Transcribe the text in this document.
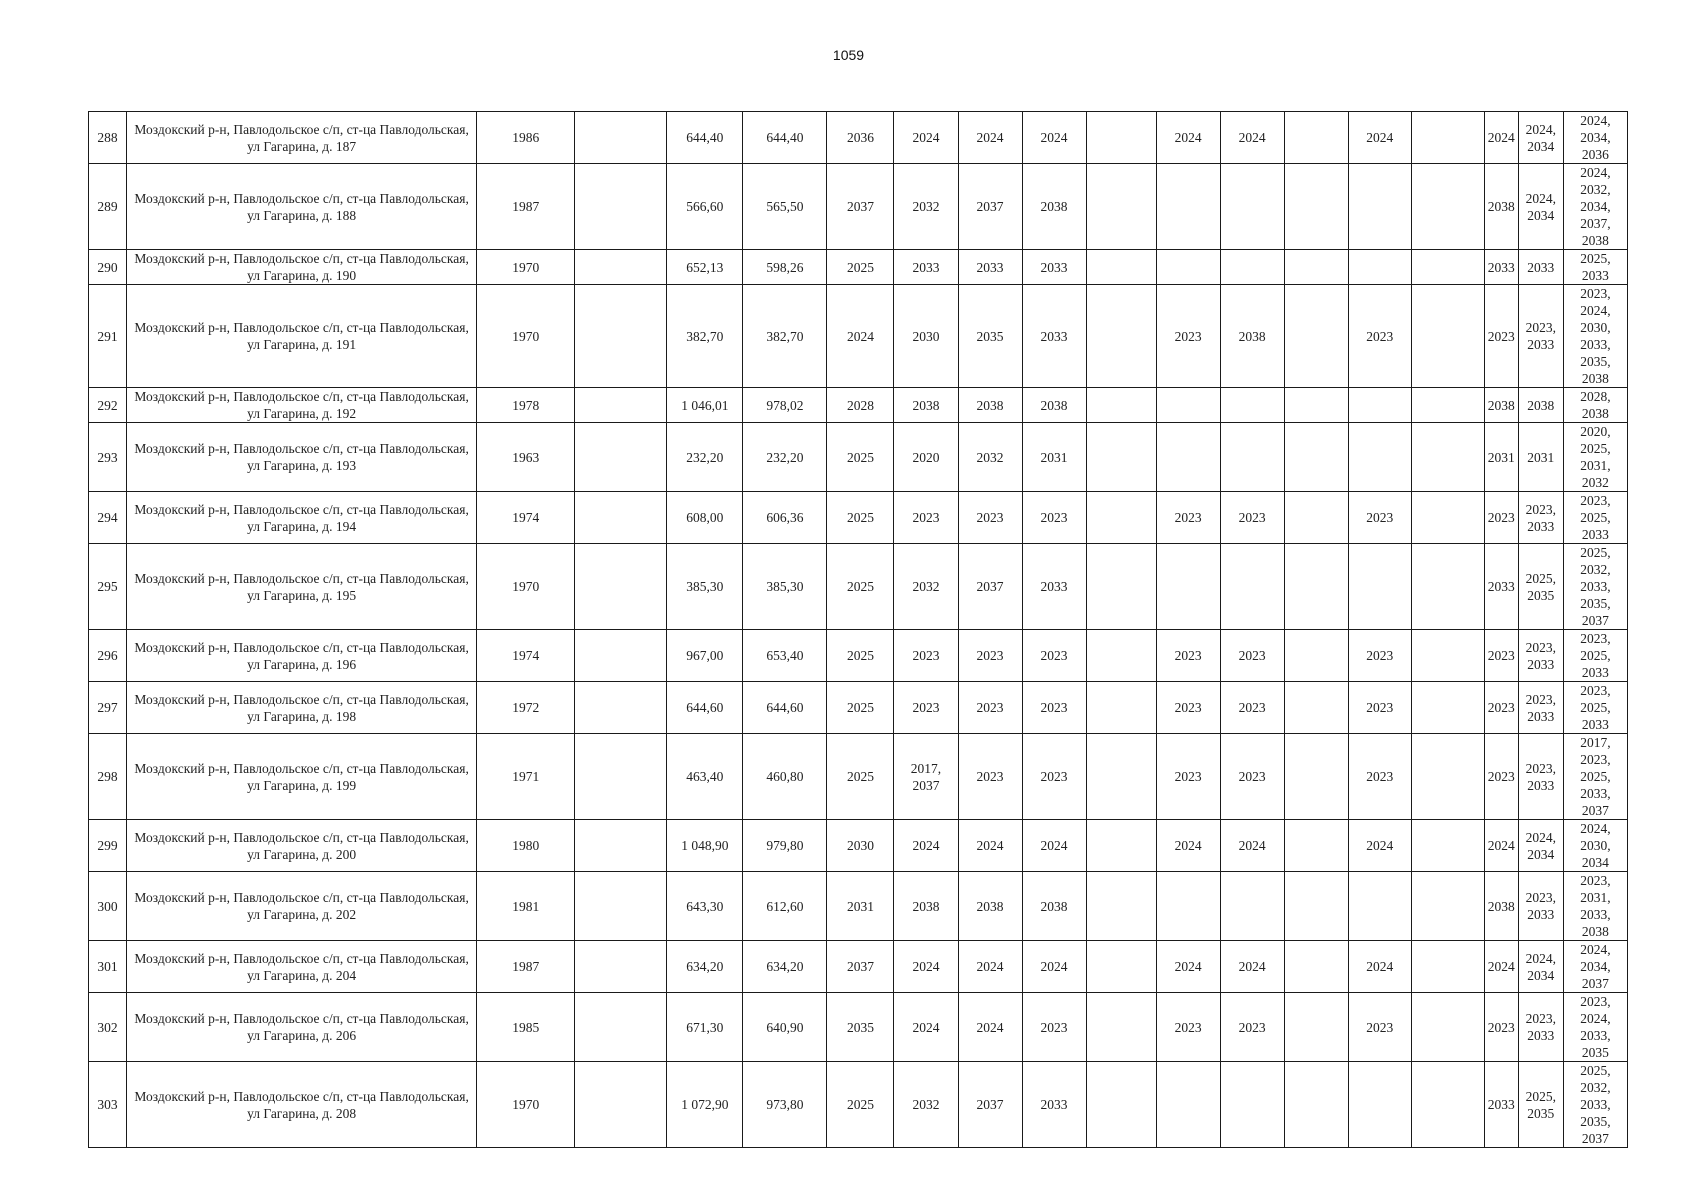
1059
288	Моздокский р-н, Павлодольское с/п, ст-ца Павлодольская, ул Гагарина, д. 187	1986		644,40	644,40	2036	2024	2024	2024		2024	2024		2024		2024	2024, 2034	2024, 2034, 2036
289	Моздокский р-н, Павлодольское с/п, ст-ца Павлодольская, ул Гагарина, д. 188	1987		566,60	565,50	2037	2032	2037	2038							2038	2024, 2034	2024, 2032, 2034, 2037, 2038
290	Моздокский р-н, Павлодольское с/п, ст-ца Павлодольская, ул Гагарина, д. 190	1970		652,13	598,26	2025	2033	2033	2033							2033	2033	2025, 2033
291	Моздокский р-н, Павлодольское с/п, ст-ца Павлодольская, ул Гагарина, д. 191	1970		382,70	382,70	2024	2030	2035	2033		2023	2038		2023		2023	2023, 2033	2023, 2024, 2030, 2033, 2035, 2038
292	Моздокский р-н, Павлодольское с/п, ст-ца Павлодольская, ул Гагарина, д. 192	1978		1 046,01	978,02	2028	2038	2038	2038							2038	2038	2028, 2038
293	Моздокский р-н, Павлодольское с/п, ст-ца Павлодольская, ул Гагарина, д. 193	1963		232,20	232,20	2025	2020	2032	2031							2031	2031	2020, 2025, 2031, 2032
294	Моздокский р-н, Павлодольское с/п, ст-ца Павлодольская, ул Гагарина, д. 194	1974		608,00	606,36	2025	2023	2023	2023		2023	2023		2023		2023	2023, 2033	2023, 2025, 2033
295	Моздокский р-н, Павлодольское с/п, ст-ца Павлодольская, ул Гагарина, д. 195	1970		385,30	385,30	2025	2032	2037	2033							2033	2025, 2035	2025, 2032, 2033, 2035, 2037
296	Моздокский р-н, Павлодольское с/п, ст-ца Павлодольская, ул Гагарина, д. 196	1974		967,00	653,40	2025	2023	2023	2023		2023	2023		2023		2023	2023, 2033	2023, 2025, 2033
297	Моздокский р-н, Павлодольское с/п, ст-ца Павлодольская, ул Гагарина, д. 198	1972		644,60	644,60	2025	2023	2023	2023		2023	2023		2023		2023	2023, 2033	2023, 2025, 2033
298	Моздокский р-н, Павлодольское с/п, ст-ца Павлодольская, ул Гагарина, д. 199	1971		463,40	460,80	2025	2017, 2037	2023	2023		2023	2023		2023		2023	2023, 2033	2017, 2023, 2025, 2033, 2037
299	Моздокский р-н, Павлодольское с/п, ст-ца Павлодольская, ул Гагарина, д. 200	1980		1 048,90	979,80	2030	2024	2024	2024		2024	2024		2024		2024	2024, 2034	2024, 2030, 2034
300	Моздокский р-н, Павлодольское с/п, ст-ца Павлодольская, ул Гагарина, д. 202	1981		643,30	612,60	2031	2038	2038	2038							2038	2023, 2033	2023, 2031, 2033, 2038
301	Моздокский р-н, Павлодольское с/п, ст-ца Павлодольская, ул Гагарина, д. 204	1987		634,20	634,20	2037	2024	2024	2024		2024	2024		2024		2024	2024, 2034	2024, 2034, 2037
302	Моздокский р-н, Павлодольское с/п, ст-ца Павлодольская, ул Гагарина, д. 206	1985		671,30	640,90	2035	2024	2024	2023		2023	2023		2023		2023	2023, 2033	2023, 2024, 2033, 2035
303	Моздокский р-н, Павлодольское с/п, ст-ца Павлодольская, ул Гагарина, д. 208	1970		1 072,90	973,80	2025	2032	2037	2033							2033	2025, 2035	2025, 2032, 2033, 2035, 2037
